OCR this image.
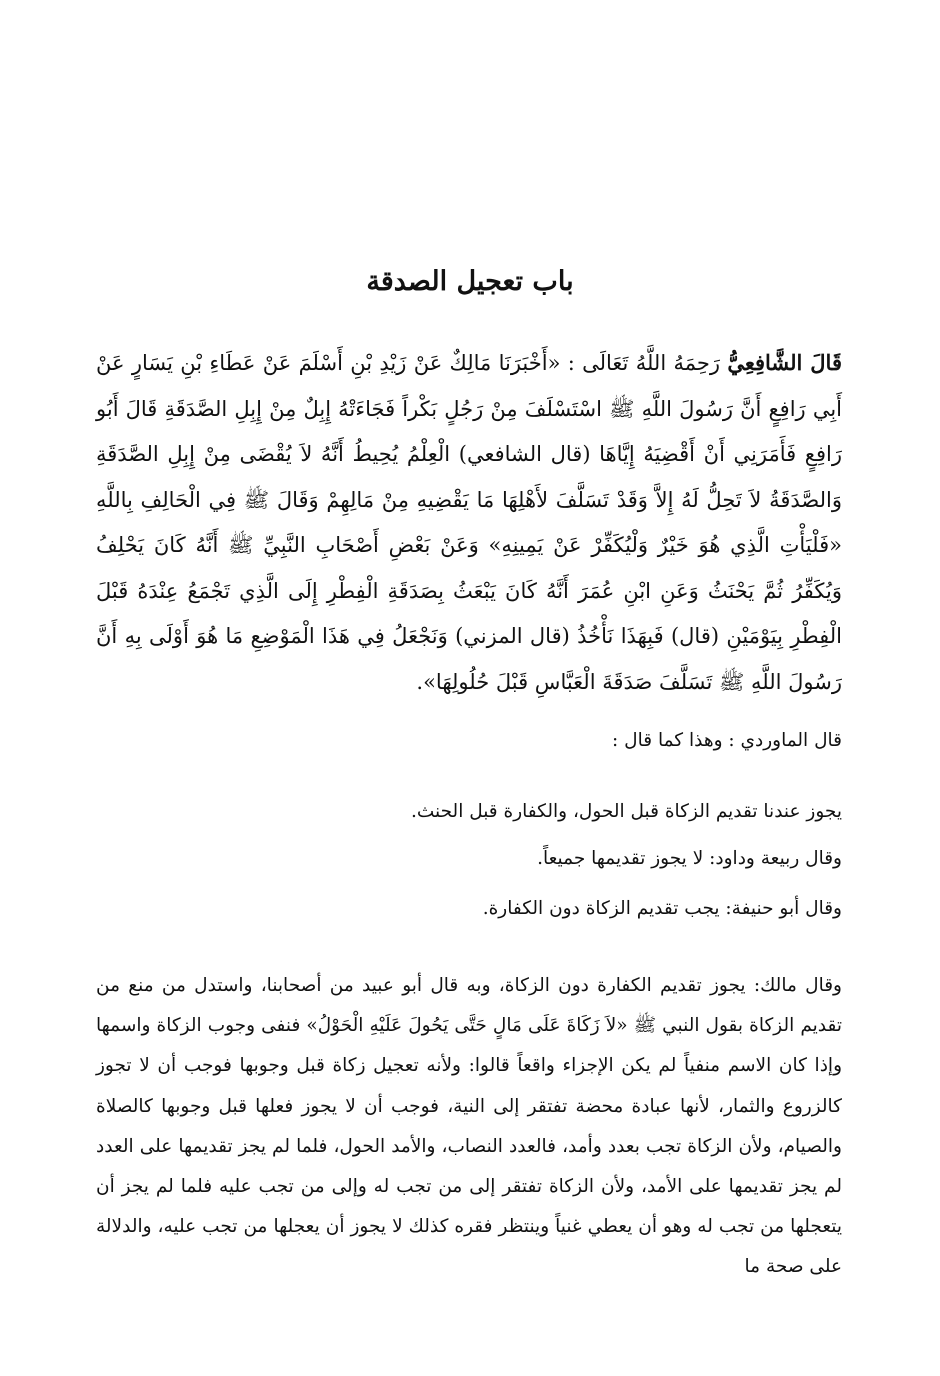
باب تعجيل الصدقة

قَالَ الشَّافِعِيُّ رَحِمَهُ اللَّهُ تَعَالَى : «أَخْبَرَنَا مَالِكٌ عَنْ زَيْدِ بْنِ أَسْلَمَ عَنْ عَطَاءِ بْنِ يَسَارٍ عَنْ أَبِي رَافِعٍ أَنَّ رَسُولَ اللَّهِ ﷺ اسْتَسْلَفَ مِنْ رَجُلٍ بَكْراً فَجَاءَتْهُ إِبِلٌ مِنْ إِبِلِ الصَّدَقَةِ قَالَ أَبُو رَافِعٍ فَأَمَرَنِي أَنْ أَقْضِيَهُ إِيَّاهَا (قال الشافعي) الْعِلْمُ يُحِيطُ أَنَّهُ لاَ يُقْضَى مِنْ إِبِلِ الصَّدَقَةِ وَالصَّدَقَةُ لاَ تَحِلُّ لَهُ إِلاَّ وَقَدْ تَسَلَّفَ لأَهْلِهَا مَا يَقْضِيهِ مِنْ مَالِهِمْ وَقَالَ ﷺ فِي الْحَالِفِ بِاللَّهِ «فَلْيَأْتِ الَّذِي هُوَ خَيْرٌ وَلْيُكَفِّرْ عَنْ يَمِينِهِ» وَعَنْ بَعْضِ أَصْحَابِ النَّبِيِّ ﷺ أَنَّهُ كَانَ يَحْلِفُ وَيُكَفِّرُ ثُمَّ يَحْنَثُ وَعَنِ ابْنِ عُمَرَ أَنَّهُ كَانَ يَبْعَثُ بِصَدَقَةِ الْفِطْرِ إِلَى الَّذِي تَجْمَعُ عِنْدَهُ قَبْلَ الْفِطْرِ بِيَوْمَيْنِ (قال) فَبِهَذَا نَأْخُذُ (قال المزني) وَنَجْعَلُ فِي هَذَا الْمَوْضِعِ مَا هُوَ أَوْلَى بِهِ أَنَّ رَسُولَ اللَّهِ ﷺ تَسَلَّفَ صَدَقَةَ الْعَبَّاسِ قَبْلَ حُلُولِهَا».

قال الماوردي : وهذا كما قال :

يجوز عندنا تقديم الزكاة قبل الحول، والكفارة قبل الحنث.

وقال ربيعة وداود: لا يجوز تقديمها جميعاً.

وقال أبو حنيفة: يجب تقديم الزكاة دون الكفارة.

وقال مالك: يجوز تقديم الكفارة دون الزكاة، وبه قال أبو عبيد من أصحابنا، واستدل من منع من تقديم الزكاة بقول النبي ﷺ «لاَ زَكَاةَ عَلَى مَالٍ حَتَّى يَحُولَ عَلَيْهِ الْحَوْلُ» فنفى وجوب الزكاة واسمها وإذا كان الاسم منفياً لم يكن الإجزاء واقعاً قالوا: ولأنه تعجيل زكاة قبل وجوبها فوجب أن لا تجوز كالزروع والثمار، لأنها عبادة محضة تفتقر إلى النية، فوجب أن لا يجوز فعلها قبل وجوبها كالصلاة والصيام، ولأن الزكاة تجب بعدد وأمد، فالعدد النصاب، والأمد الحول، فلما لم يجز تقديمها على العدد لم يجز تقديمها على الأمد، ولأن الزكاة تفتقر إلى من تجب له وإلى من تجب عليه فلما لم يجز أن يتعجلها من تجب له وهو أن يعطي غنياً وينتظر فقره كذلك لا يجوز أن يعجلها من تجب عليه، والدلالة على صحة ما
